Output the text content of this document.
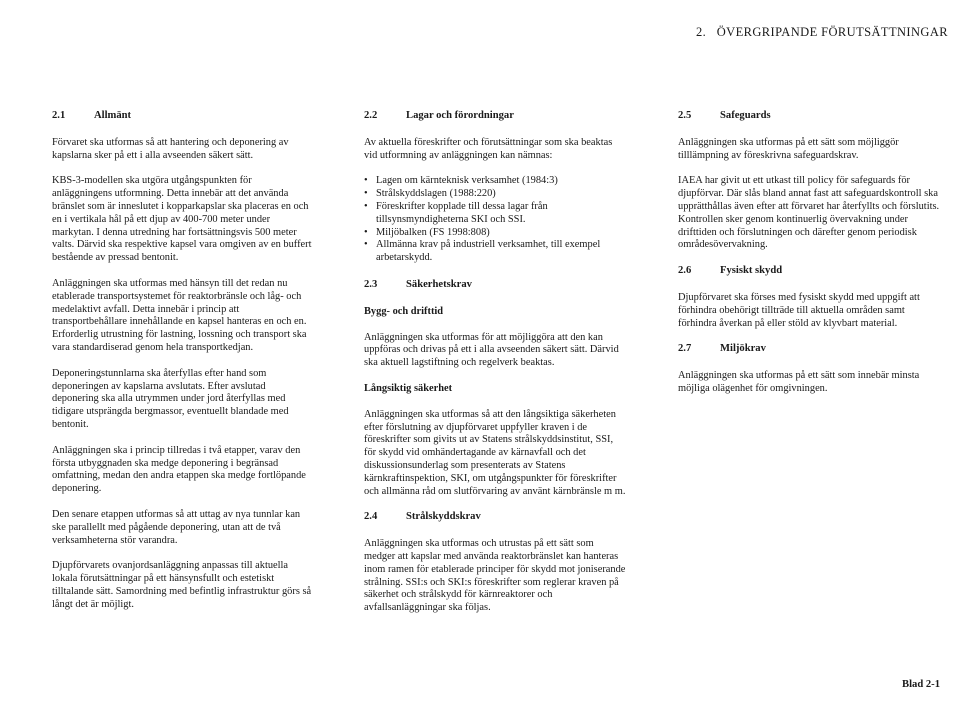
2.   ÖVERGRIPANDE FÖRUTSÄTTNINGAR
2.1	Allmänt

Förvaret ska utformas så att hantering och deponering av kapslarna sker på ett i alla avseenden säkert sätt.

KBS-3-modellen ska utgöra utgångspunkten för anläggningens utformning. Detta innebär att det använda bränslet som är inneslutet i kopparkapslar ska placeras en och en i vertikala hål på ett djup av 400-700 meter under markytan. I denna utredning har fortsättningsvis 500 meter valts. Därvid ska respektive kapsel vara omgiven av en buffert bestående av pressad bentonit.

Anläggningen ska utformas med hänsyn till det redan nu etablerade transportsystemet för reaktorbränsle och låg- och medelaktivt avfall. Detta innebär i princip att transportbehållare innehållande en kapsel hanteras en och en. Erforderlig utrustning för lastning, lossning och transport ska vara standardiserad genom hela transportkedjan.

Deponeringstunnlarna ska återfyllas efter hand som deponeringen av kapslarna avslutats. Efter avslutad deponering ska alla utrymmen under jord återfyllas med tidigare utsprängda bergmassor, eventuellt blandade med bentonit.

Anläggningen ska i princip tillredas i två etapper, varav den första utbyggnaden ska medge deponering i begränsad omfattning, medan den andra etappen ska medge fortlöpande deponering.

Den senare etappen utformas så att uttag av nya tunnlar kan ske parallellt med pågående deponering, utan att de två verksamheterna stör varandra.

Djupförvarets ovanjordsanläggning anpassas till aktuella lokala förutsättningar på ett hänsynsfullt och estetiskt tilltalande sätt. Samordning med befintlig infrastruktur görs så långt det är möjligt.

2.2	Lagar och förordningar

Av aktuella föreskrifter och förutsättningar som ska beaktas vid utformning av anläggningen kan nämnas:

• Lagen om kärnteknisk verksamhet (1984:3)
• Strålskyddslagen (1988:220)
• Föreskrifter kopplade till dessa lagar från tillsynsmyndigheterna SKI och SSI.
• Miljöbalken (FS 1998:808)
• Allmänna krav på industriell verksamhet, till exempel arbetarskydd.
2.3	Säkerhetskrav
Bygg- och drifttid

Anläggningen ska utformas för att möjliggöra att den kan uppföras och drivas på ett i alla avseenden säkert sätt. Därvid ska aktuell lagstiftning och regelverk beaktas.

Långsiktig säkerhet

Anläggningen ska utformas så att den långsiktiga säkerheten efter förslutning av djupförvaret uppfyller kraven i de föreskrifter som givits ut av Statens strålskyddsinstitut, SSI, för skydd vid omhändertagande av kärnavfall och det diskussionsunderlag som presenterats av Statens kärnkraftinspektion, SKI, om utgångspunkter för föreskrifter och allmänna råd om slutförvaring av använt kärnbränsle m m.

2.4	Strålskyddskrav

Anläggningen ska utformas och utrustas på ett sätt som medger att kapslar med använda reaktorbränslet kan hanteras inom ramen för etablerade principer för skydd mot joniserande strålning. SSI:s och SKI:s föreskrifter som reglerar kraven på säkerhet och strålskydd för kärnreaktorer och avfallsanläggningar ska följas.

2.5	Safeguards

Anläggningen ska utformas på ett sätt som möjliggör tilllämpning av föreskrivna safeguardskrav.

IAEA har givit ut ett utkast till policy för safeguards för djupförvar. Där slås bland annat fast att safeguardskontroll ska upprätthållas även efter att förvaret har återfyllts och förslutits. Kontrollen sker genom kontinuerlig övervakning under drifttiden och förslutningen och därefter genom periodisk områdesövervakning.

2.6	Fysiskt skydd

Djupförvaret ska förses med fysiskt skydd med uppgift att förhindra obehörigt tillträde till aktuella områden samt förhindra åverkan på eller stöld av klyvbart material.

2.7	Miljökrav

Anläggningen ska utformas på ett sätt som innebär minsta möjliga olägenhet för omgivningen.

Blad 2-1
